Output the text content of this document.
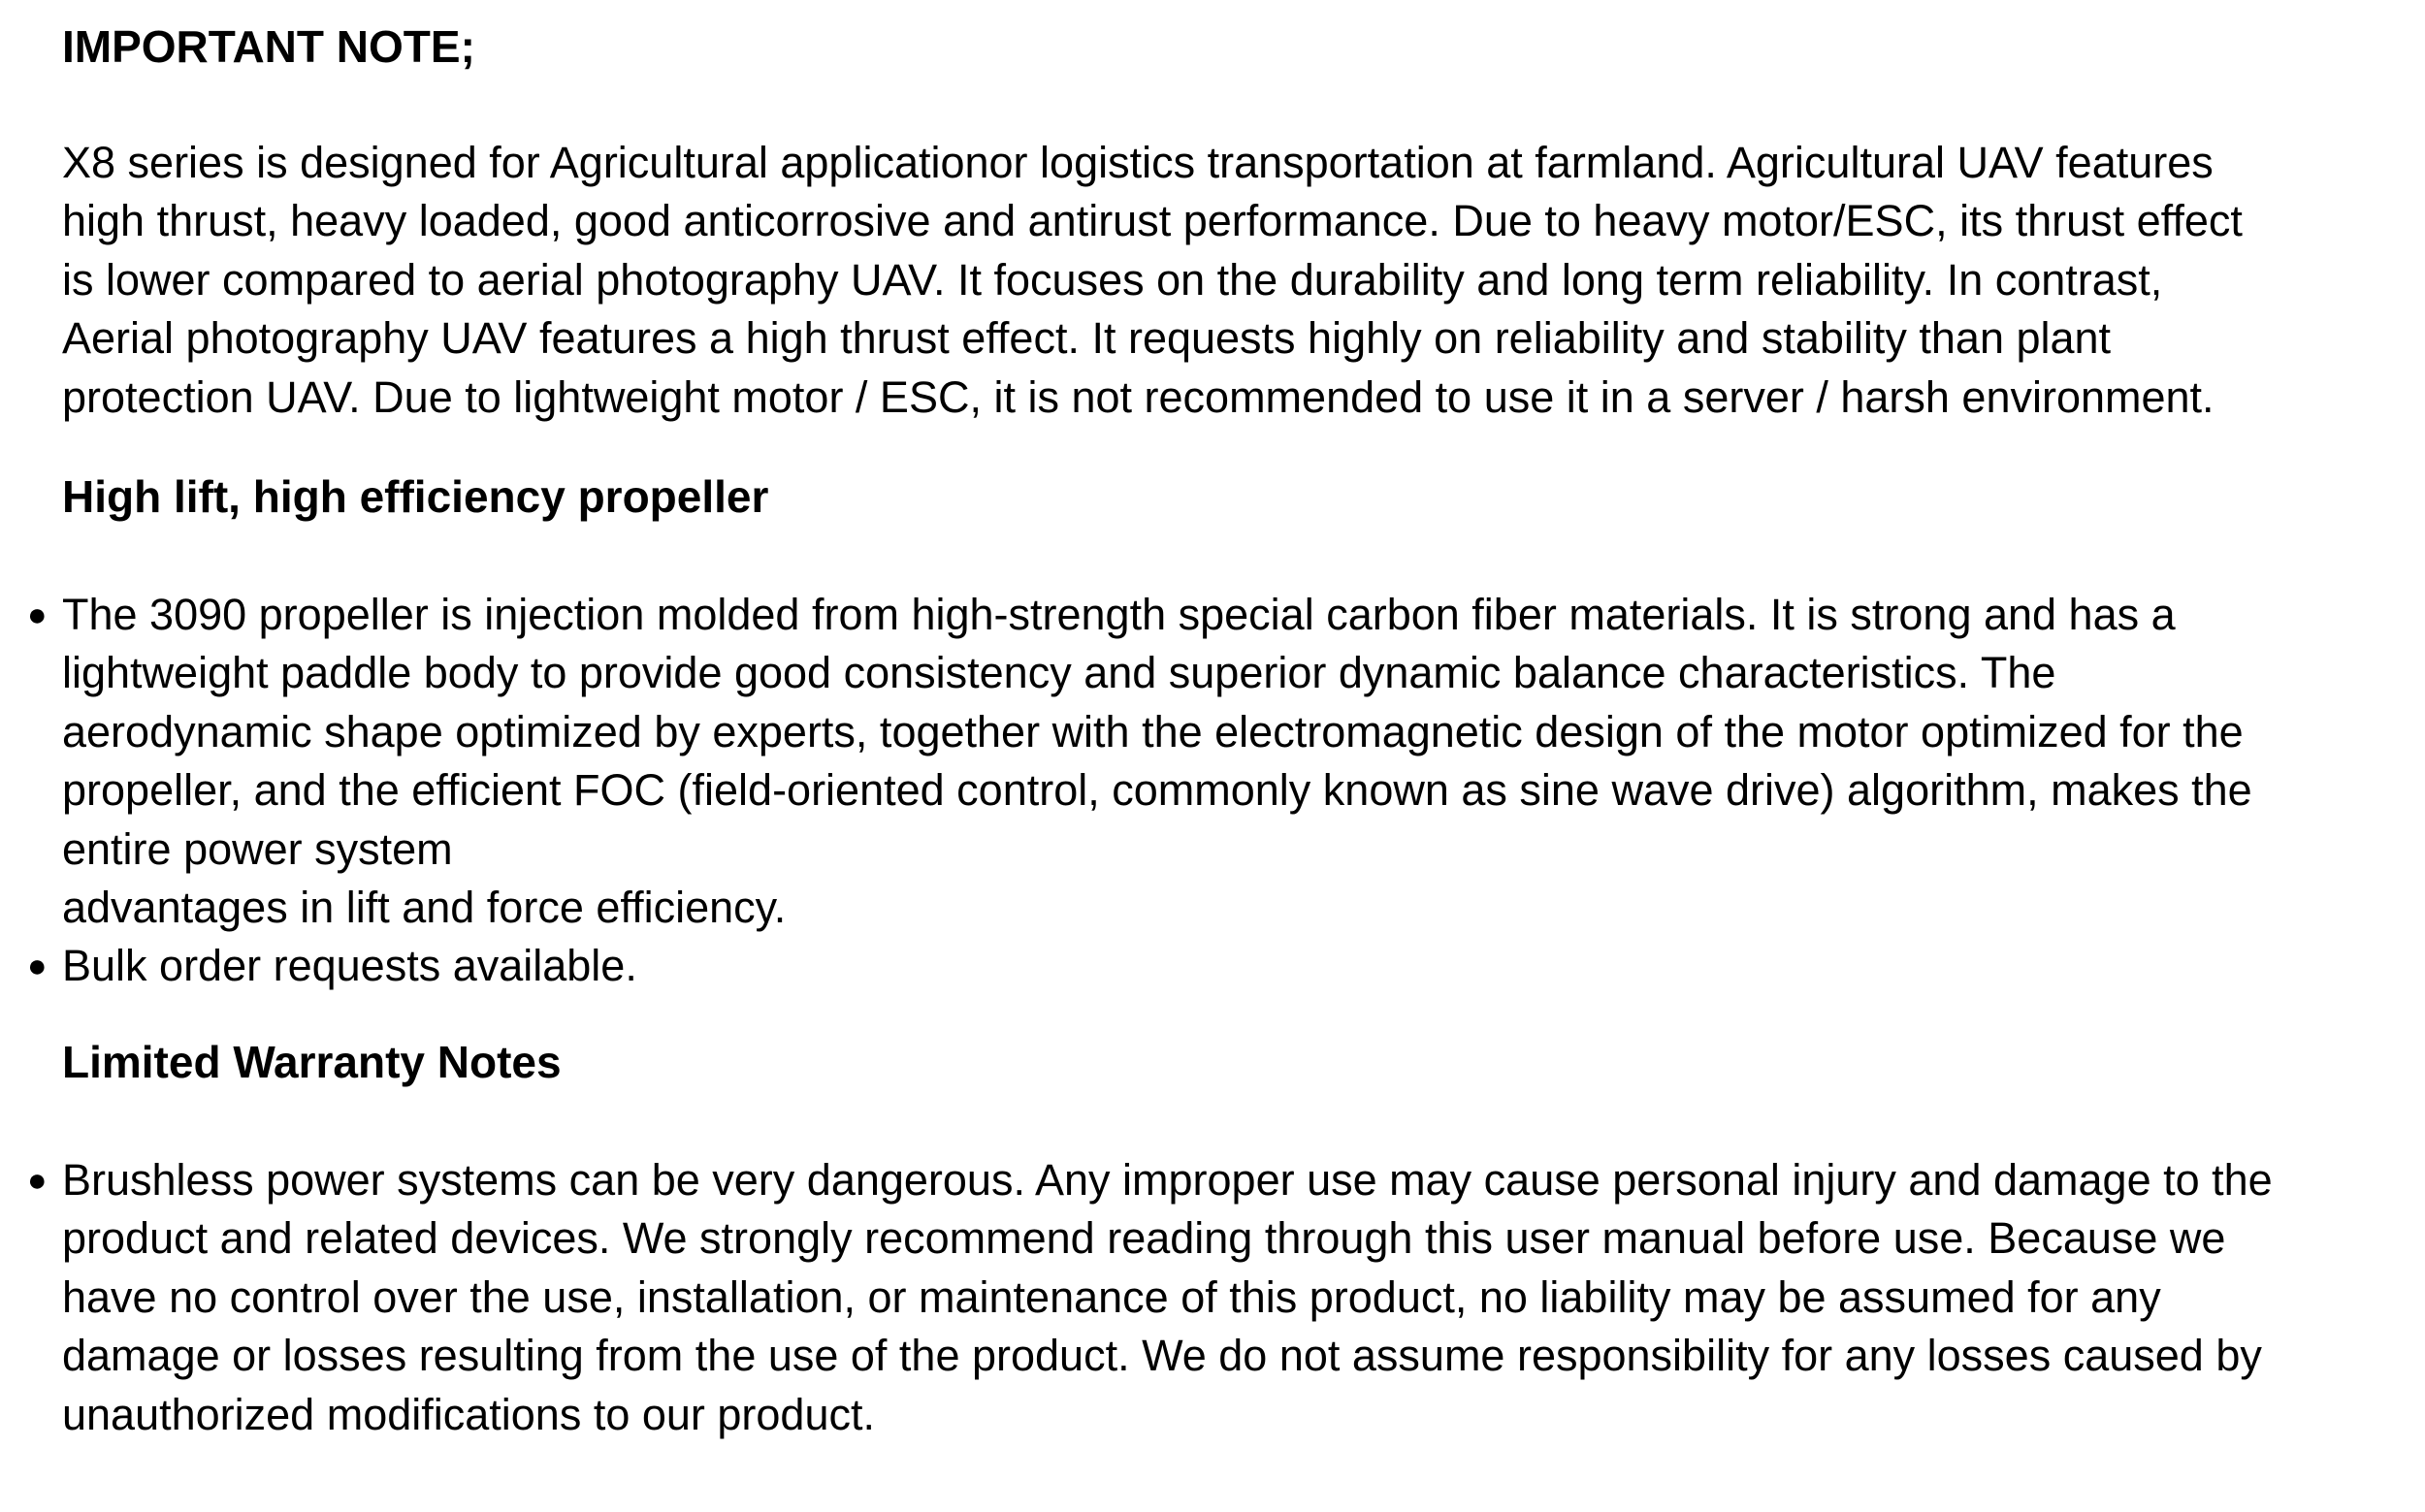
IMPORTANT NOTE;

X8 series is designed for Agricultural applicationor logistics transportation at farmland. Agricultural UAV features
high thrust, heavy loaded, good anticorrosive and antirust performance. Due to heavy motor/ESC, its thrust effect
is lower compared to aerial photography UAV. It focuses on the durability and long term reliability. In contrast,
Aerial photography UAV features a high thrust effect. It requests highly on reliability and stability than plant
protection UAV. Due to lightweight motor / ESC, it is not recommended to use it in a server / harsh environment.

High lift, high efficiency propeller
● The 3090 propeller is injection molded from high-strength special carbon fiber materials. It is strong and has a
lightweight paddle body to provide good consistency and superior dynamic balance characteristics. The
aerodynamic shape optimized by experts, together with the electromagnetic design of the motor optimized for the
propeller, and the efficient FOC (field-oriented control, commonly known as sine wave drive) algorithm, makes the
entire power system
advantages in lift and force efficiency.
● Bulk order requests available.
Limited Warranty Notes
● Brushless power systems can be very dangerous. Any improper use may cause personal injury and damage to the
product and related devices. We strongly recommend reading through this user manual before use. Because we
have no control over the use, installation, or maintenance of this product, no liability may be assumed for any
damage or losses resulting from the use of the product. We do not assume responsibility for any losses caused by
unauthorized modifications to our product.
